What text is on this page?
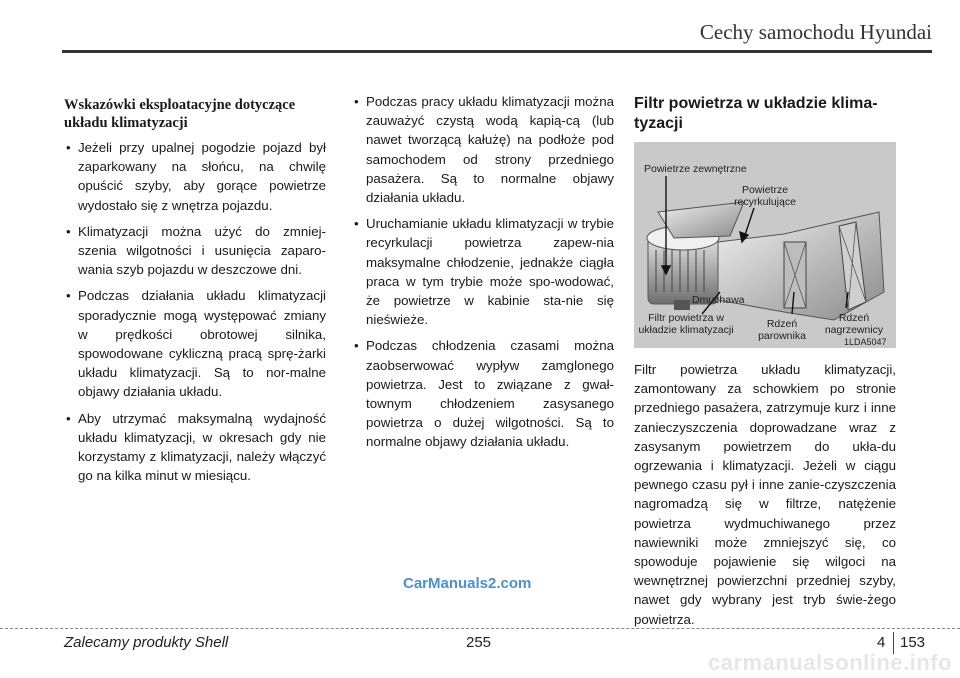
Cechy samochodu Hyundai
Wskazówki eksploatacyjne dotyczące układu klimatyzacji
• Jeżeli przy upalnej pogodzie pojazd był zaparkowany na słońcu, na chwilę opuścić szyby, aby gorące powietrze wydostało się z wnętrza pojazdu.
• Klimatyzacji można użyć do zmniej-szenia wilgotności i usunięcia zaparo-wania szyb pojazdu w deszczowe dni.
• Podczas działania układu klimatyzacji sporadycznie mogą występować zmiany w prędkości obrotowej silnika, spowodowane cykliczną pracą sprę-żarki układu klimatyzacji. Są to nor-malne objawy działania układu.
• Aby utrzymać maksymalną wydajność układu klimatyzacji, w okresach gdy nie korzystamy z klimatyzacji, należy włączyć go na kilka minut w miesiącu.
• Podczas pracy układu klimatyzacji można zauważyć czystą wodą kapią-cą (lub nawet tworzącą kałużę) na podłoże pod samochodem od strony przedniego pasażera. Są to normalne objawy działania układu.
• Uruchamianie układu klimatyzacji w trybie recyrkulacji powietrza zapew-nia maksymalne chłodzenie, jednakże ciągła praca w tym trybie może spo-wodować, że powietrze w kabinie sta-nie się nieświeże.
• Podczas chłodzenia czasami można zaobserwować wypływ zamglonego powietrza. Jest to związane z gwał-townym chłodzeniem zasysanego powietrza o dużej wilgotności. Są to normalne objawy działania układu.
Filtr powietrza w układzie klima-tyzacji
Powietrze zewnętrzne
Powietrze recyrkulujące
Dmuchawa
Filtr powietrza w układzie klimatyzacji	Rdzeń parownika
Rdzeń nagrzewnicy
1LDA5047

Filtr powietrza układu klimatyzacji, zamontowany za schowkiem po stronie przedniego pasażera, zatrzymuje kurz i inne zanieczyszczenia doprowadzane wraz z zasysanym powietrzem do ukła-du ogrzewania i klimatyzacji. Jeżeli w ciągu pewnego czasu pył i inne zanie-czyszczenia nagromadzą się w filtrze, natężenie powietrza wydmuchiwanego przez nawiewniki może zmniejszyć się, co spowoduje pojawienie się wilgoci na wewnętrznej powierzchni przedniej szyby, nawet gdy wybrany jest tryb świe-żego powietrza.

CarManuals2.com
Zalecamy produkty Shell	255	4 153
carmanualsonline.info
